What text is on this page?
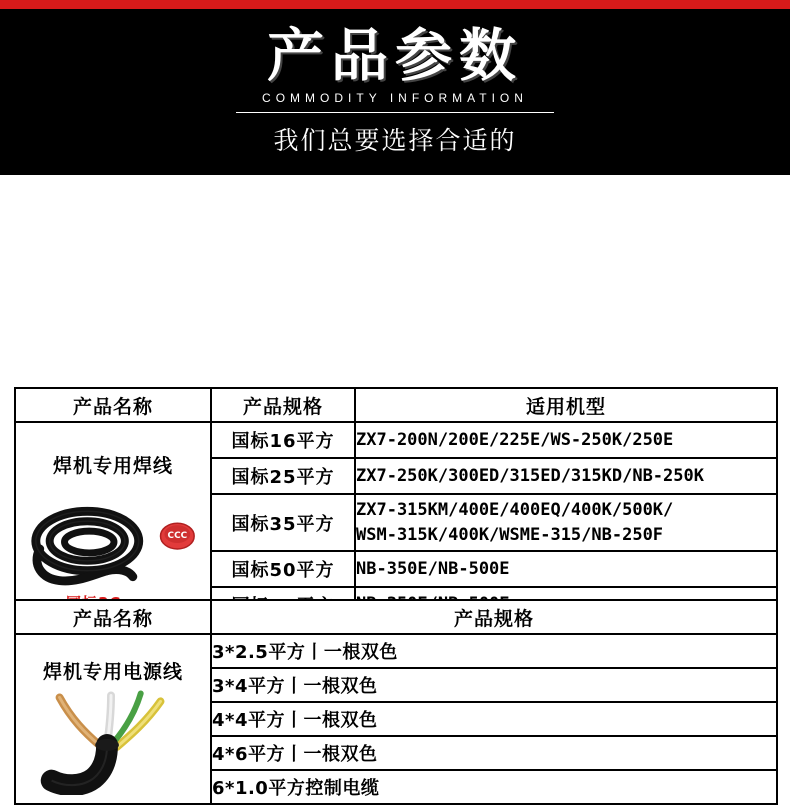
产品参数
COMMODITY INFORMATION
我们总要选择合适的
产品名称	产品规格	适用机型

焊机专用焊线
CCC	国标16平方	ZX7-200N/200E/225E/WS-250K/250E
	国标25平方	ZX7-250K/300ED/315ED/315KD/NB-250K
	国标35平方	ZX7-315KM/400E/400EQ/400K/500K/
WSM-315K/400K/WSME-315/NB-250F

	国标50平方	NB-350E/NB-500E

产品名称	产品规格

焊机专用电源线	3*2.5平方丨一根双色
	3*4平方丨一根双色
	4*4平方丨一根双色
	4*6平方丨一根双色
	6*1.0平方控制电缆
